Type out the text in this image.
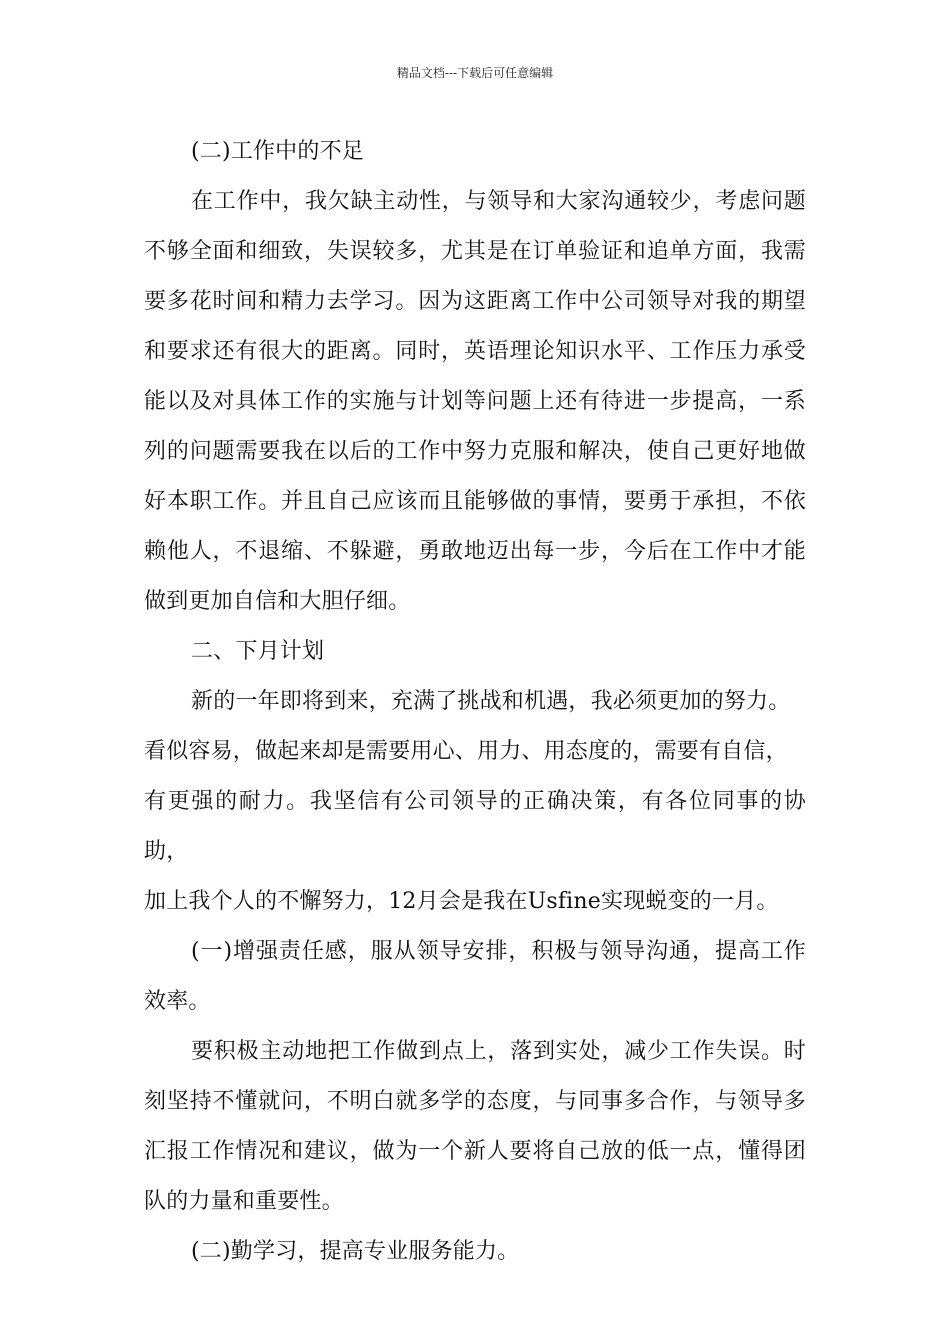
精品文档---下载后可任意编辑

(二)工作中的不足

在工作中，我欠缺主动性，与领导和大家沟通较少，考虑问题不够全面和细致，失误较多，尤其是在订单验证和追单方面，我需要多花时间和精力去学习。因为这距离工作中公司领导对我的期望和要求还有很大的距离。同时，英语理论知识水平、工作压力承受能以及对具体工作的实施与计划等问题上还有待进一步提高，一系列的问题需要我在以后的工作中努力克服和解决，使自己更好地做好本职工作。并且自己应该而且能够做的事情，要勇于承担，不依赖他人，不退缩、不躲避，勇敢地迈出每一步，今后在工作中才能做到更加自信和大胆仔细。

二、下月计划

新的一年即将到来，充满了挑战和机遇，我必须更加的努力。

看似容易，做起来却是需要用心、用力、用态度的，需要有自信，

有更强的耐力。我坚信有公司领导的正确决策，有各位同事的协助，

加上我个人的不懈努力，12月会是我在Usfine实现蜕变的一月。

(一)增强责任感，服从领导安排，积极与领导沟通，提高工作效率。

要积极主动地把工作做到点上，落到实处，减少工作失误。时刻坚持不懂就问，不明白就多学的态度，与同事多合作，与领导多汇报工作情况和建议，做为一个新人要将自己放的低一点，懂得团队的力量和重要性。

(二)勤学习，提高专业服务能力。
